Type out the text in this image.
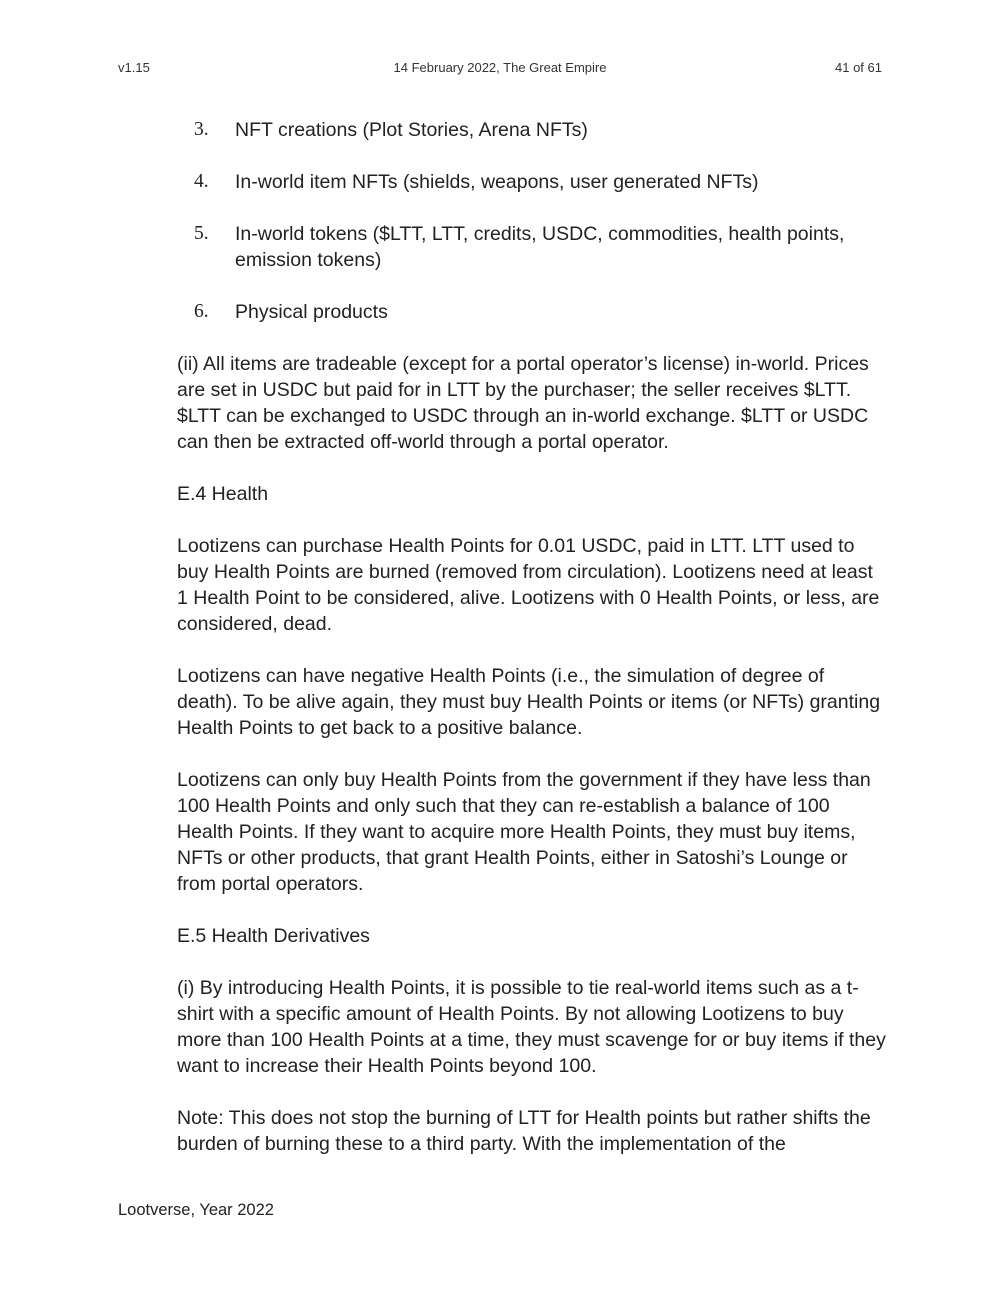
v1.15	14 February 2022, The Great Empire	41 of 61
3.	NFT creations (Plot Stories, Arena NFTs)
4.	In-world item NFTs (shields, weapons, user generated NFTs)
5.	In-world tokens ($LTT, LTT, credits, USDC, commodities, health points, emission tokens)
6.	Physical products

(ii) All items are tradeable (except for a portal operator’s license) in-world. Prices are set in USDC but paid for in LTT by the purchaser; the seller receives $LTT. $LTT can be exchanged to USDC through an in-world exchange. $LTT or USDC can then be extracted off-world through a portal operator.

E.4 Health

Lootizens can purchase Health Points for 0.01 USDC, paid in LTT. LTT used to buy Health Points are burned (removed from circulation). Lootizens need at least 1 Health Point to be considered, alive. Lootizens with 0 Health Points, or less, are considered, dead.

Lootizens can have negative Health Points (i.e., the simulation of degree of death). To be alive again, they must buy Health Points or items (or NFTs) granting Health Points to get back to a positive balance.

Lootizens can only buy Health Points from the government if they have less than 100 Health Points and only such that they can re-establish a balance of 100 Health Points. If they want to acquire more Health Points, they must buy items, NFTs or other products, that grant Health Points, either in Satoshi’s Lounge or from portal operators.

E.5 Health Derivatives

(i) By introducing Health Points, it is possible to tie real-world items such as a t-shirt with a specific amount of Health Points. By not allowing Lootizens to buy more than 100 Health Points at a time, they must scavenge for or buy items if they want to increase their Health Points beyond 100.

Note: This does not stop the burning of LTT for Health points but rather shifts the burden of burning these to a third party. With the implementation of the

Lootverse, Year 2022
